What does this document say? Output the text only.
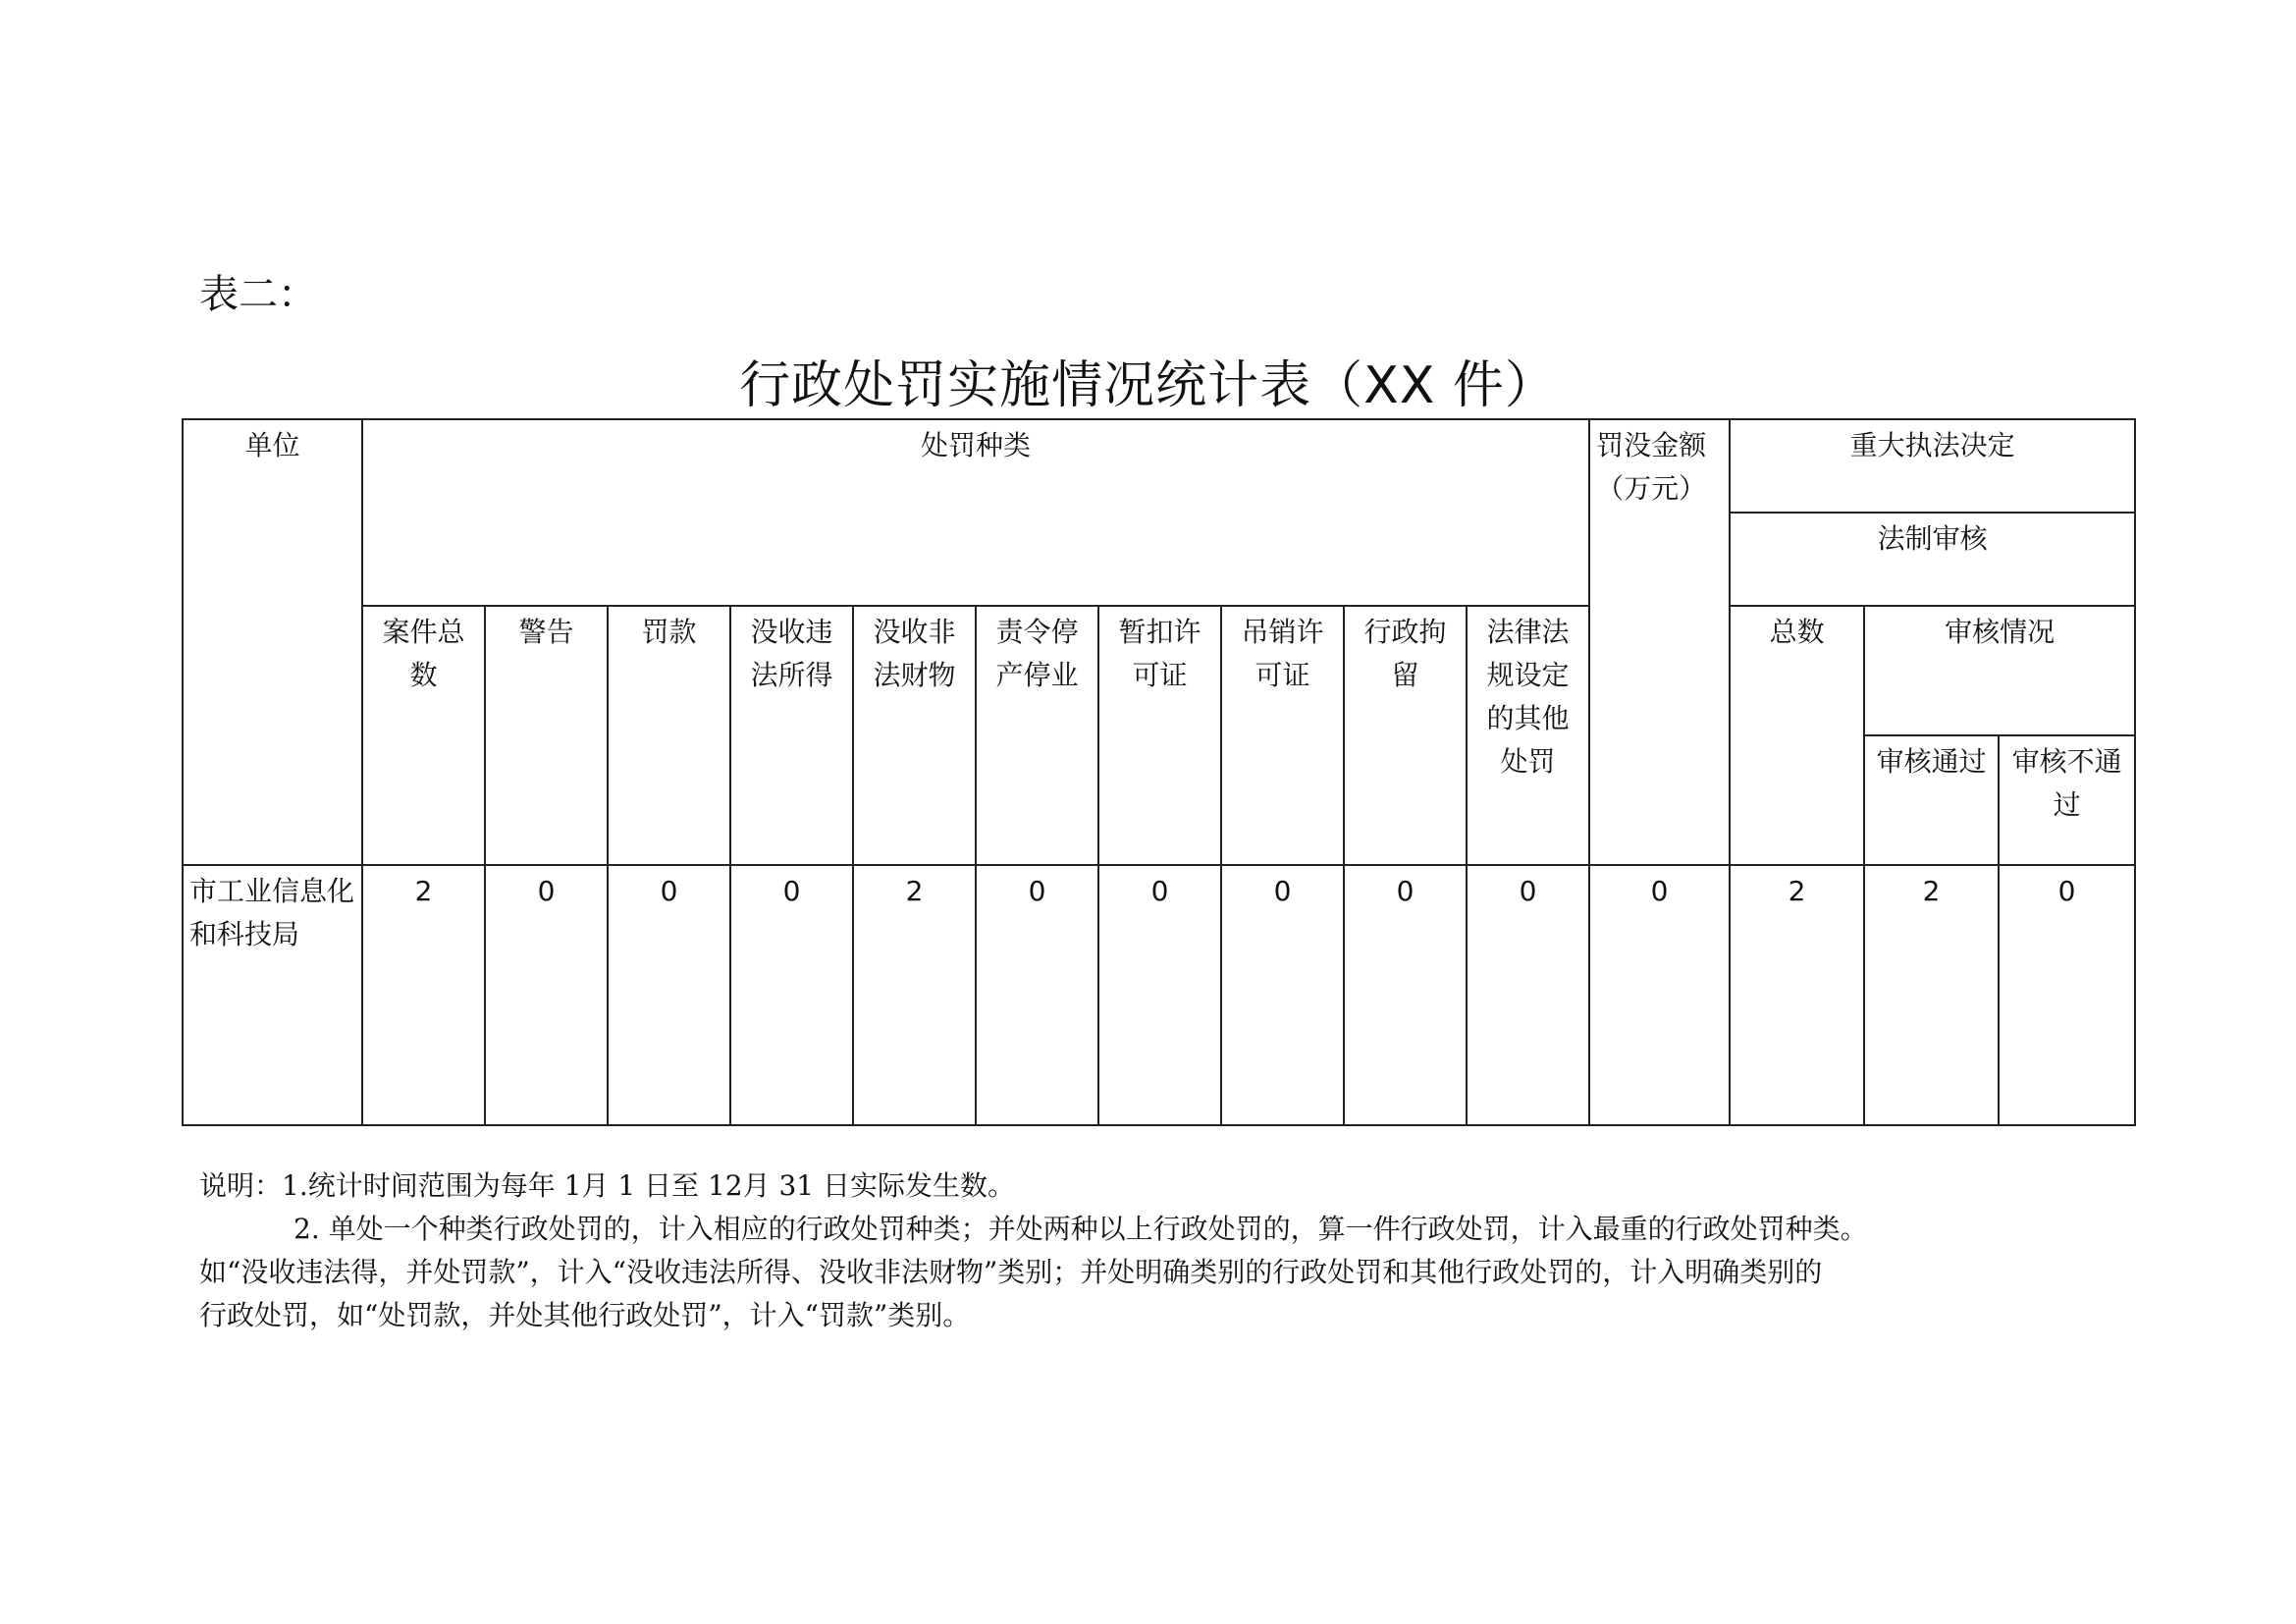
表二：
行政处罚实施情况统计表（XX 件）
单位	处罚种类										罚没金额（万元）	重大执法决定		
												法制审核		
	案件总数	警告	罚款	没收违法所得	没收非法财物	责令停产停业	暂扣许可证	吊销许可证	行政拘留	法律法规设定的其他处罚		总数	审核情况	
													审核通过	审核不通过
市工业信息化和科技局	2	0	0	0	2	0	0	0	0	0	0	2	2	0

说明：1.统计时间范围为每年 1月 1 日至 12月 31 日实际发生数。

2. 单处一个种类行政处罚的，计入相应的行政处罚种类；并处两种以上行政处罚的，算一件行政处罚，计入最重的行政处罚种类。

如“没收违法得，并处罚款”，计入“没收违法所得、没收非法财物”类别；并处明确类别的行政处罚和其他行政处罚的，计入明确类别的

行政处罚，如“处罚款，并处其他行政处罚”，计入“罚款”类别。
